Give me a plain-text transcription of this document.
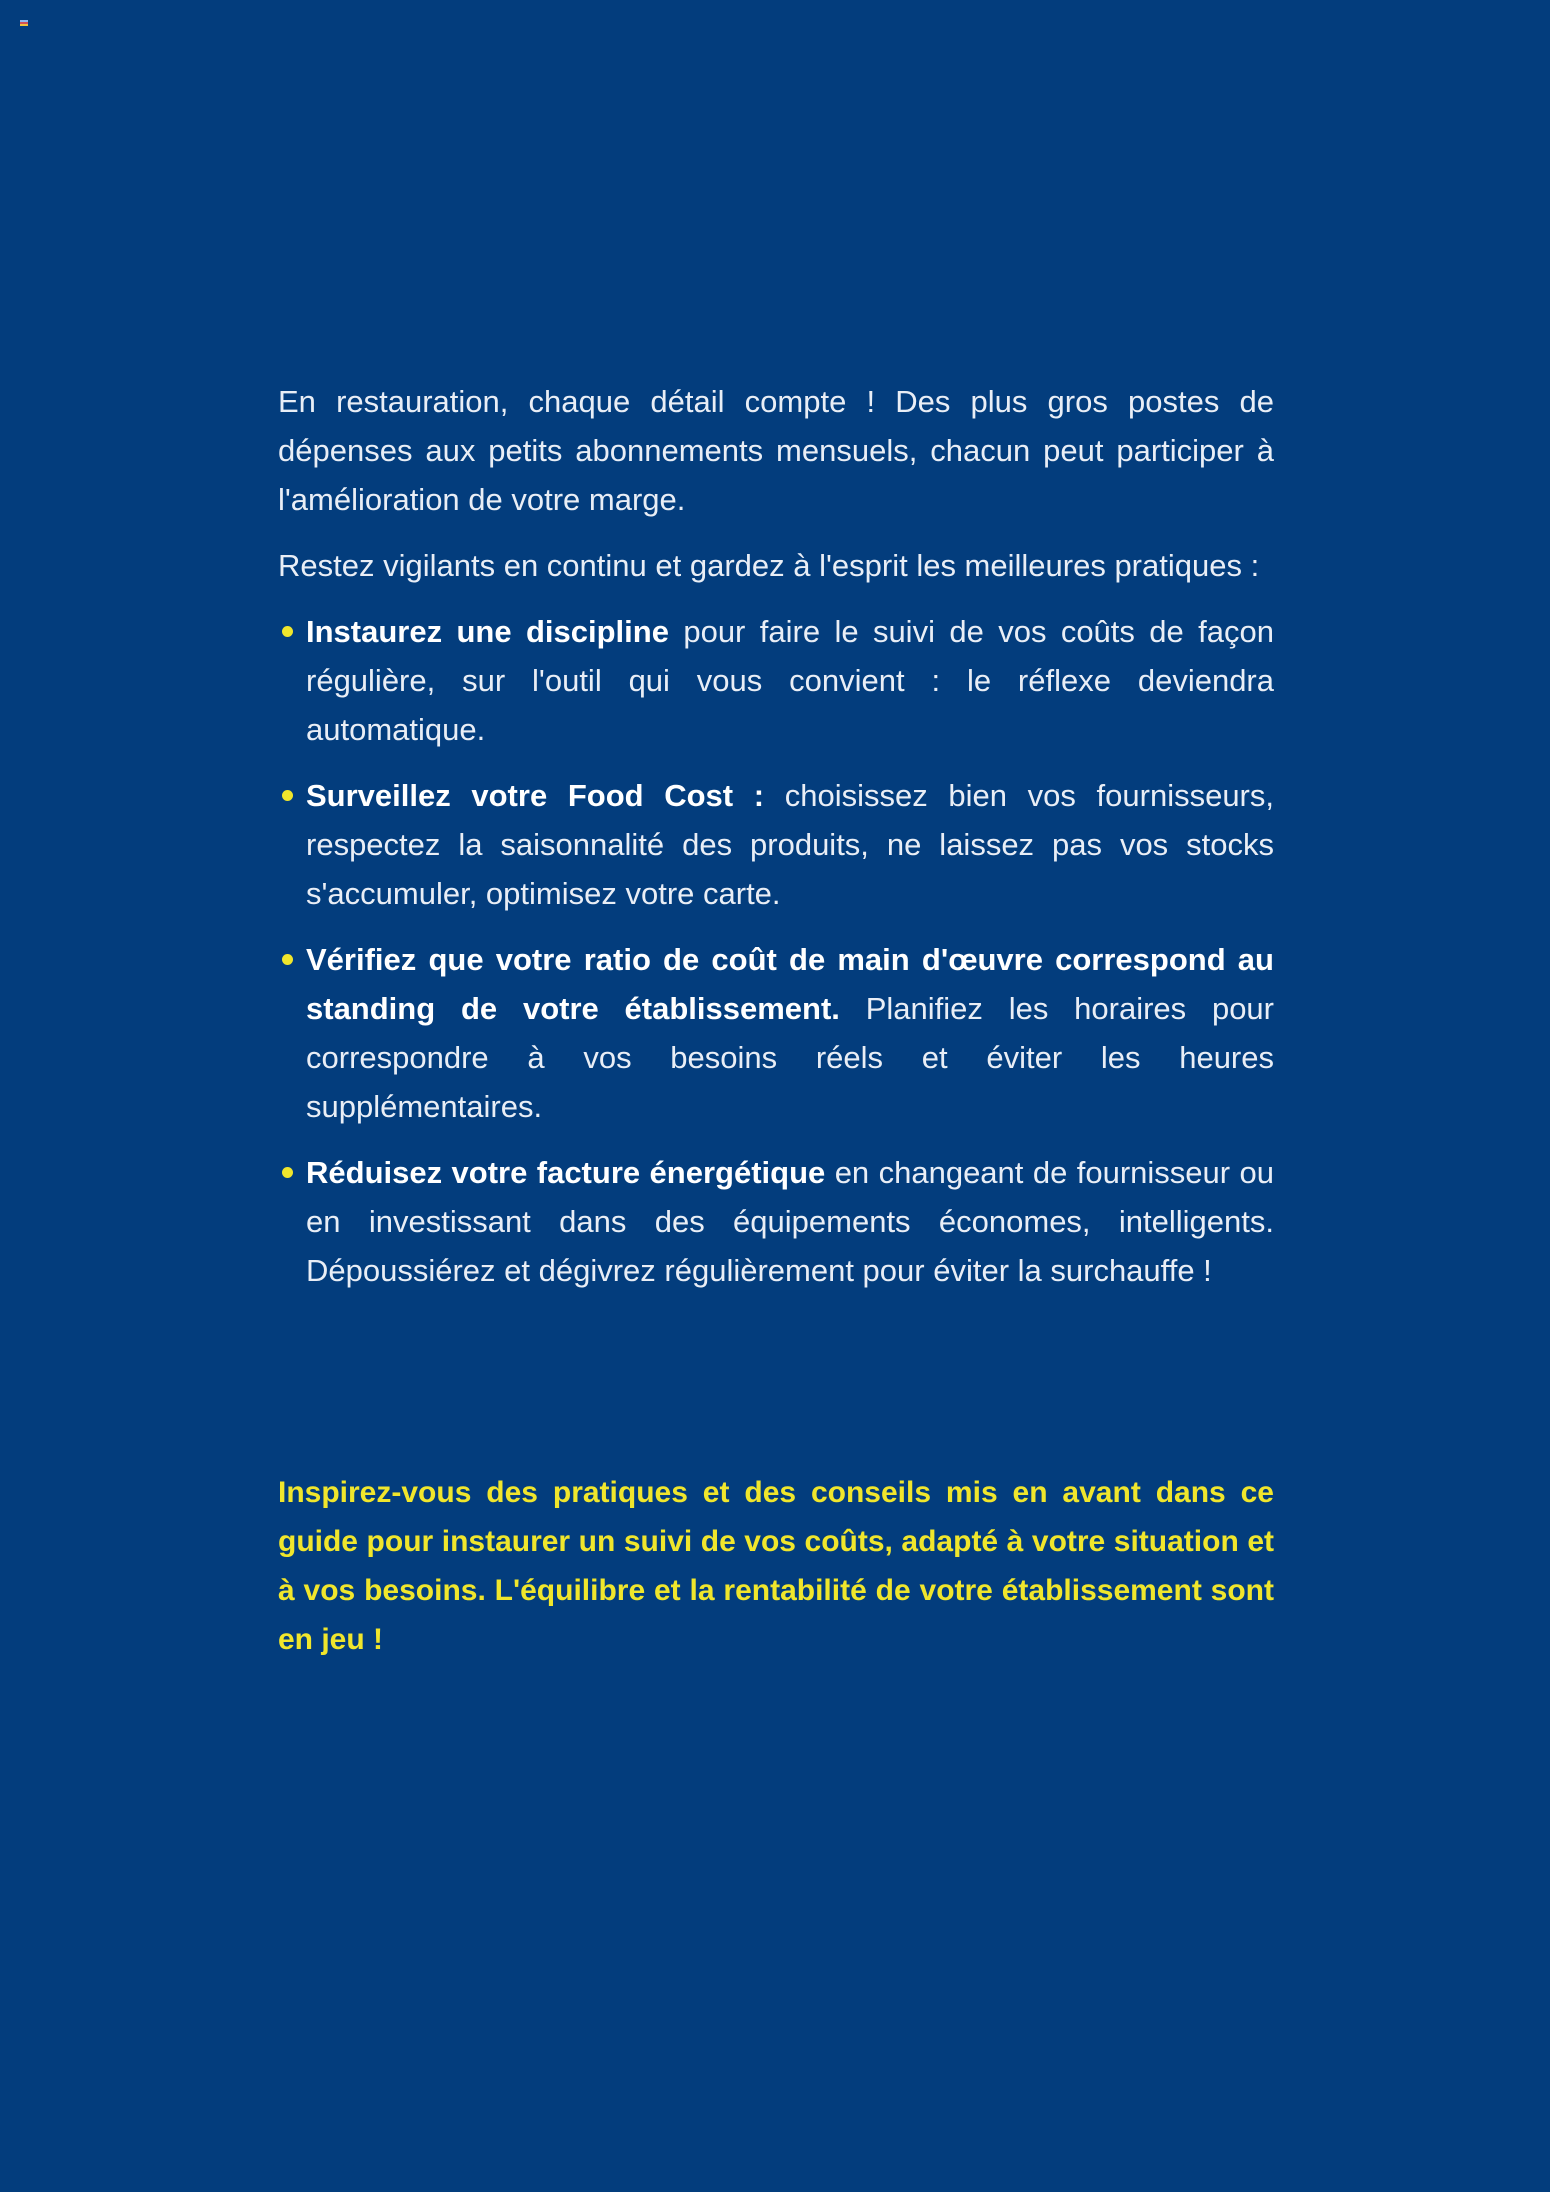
En restauration, chaque détail compte ! Des plus gros postes de dépenses aux petits abonnements mensuels, chacun peut participer à l'amélioration de votre marge.

Restez vigilants en continu et gardez à l'esprit les meilleures pratiques :

Instaurez une discipline pour faire le suivi de vos coûts de façon régulière, sur l'outil qui vous convient : le réflexe deviendra automatique.
Surveillez votre Food Cost : choisissez bien vos fournisseurs, respectez la saisonnalité des produits, ne laissez pas vos stocks s'accumuler, optimisez votre carte.
Vérifiez que votre ratio de coût de main d'œuvre correspond au standing de votre établissement. Planifiez les horaires pour correspondre à vos besoins réels et éviter les heures supplémentaires.
Réduisez votre facture énergétique en changeant de fournisseur ou en investissant dans des équipements économes, intelligents. Dépoussiérez et dégivrez régulièrement pour éviter la surchauffe !

Inspirez-vous des pratiques et des conseils mis en avant dans ce guide pour instaurer un suivi de vos coûts, adapté à votre situation et à vos besoins. L'équilibre et la rentabilité de votre établissement sont en jeu !
